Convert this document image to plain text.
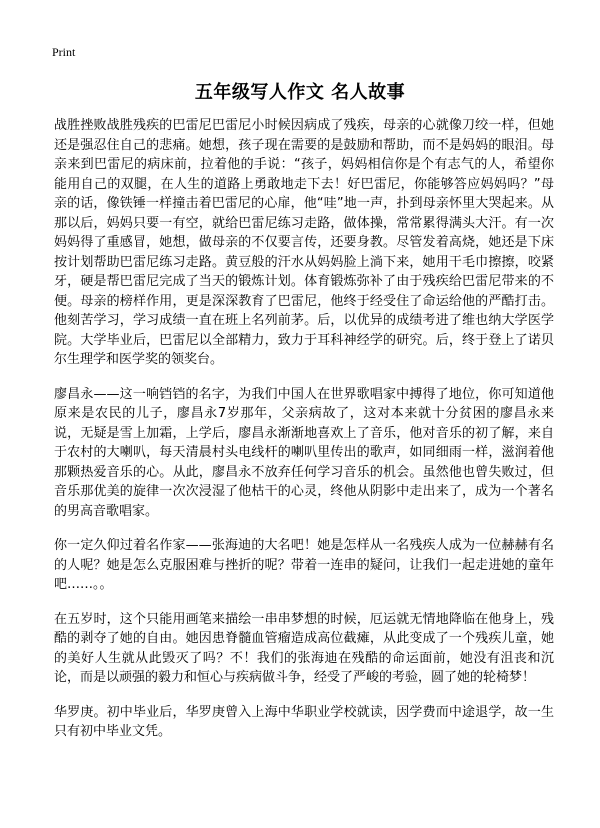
Print
五年级写人作文 名人故事

战胜挫败战胜残疾的巴雷尼巴雷尼小时候因病成了残疾，母亲的心就像刀绞一样，但她还是强忍住自己的悲痛。她想，孩子现在需要的是鼓励和帮助，而不是妈妈的眼泪。母亲来到巴雷尼的病床前，拉着他的手说：“孩子，妈妈相信你是个有志气的人，希望你能用自己的双腿，在人生的道路上勇敢地走下去！好巴雷尼，你能够答应妈妈吗？”母亲的话，像铁锤一样撞击着巴雷尼的心扉，他“哇”地一声，扑到母亲怀里大哭起来。从那以后，妈妈只要一有空，就给巴雷尼练习走路，做体操，常常累得满头大汗。有一次妈妈得了重感冒，她想，做母亲的不仅要言传，还要身教。尽管发着高烧，她还是下床按计划帮助巴雷尼练习走路。黄豆般的汗水从妈妈脸上淌下来，她用干毛巾擦擦，咬紧牙，硬是帮巴雷尼完成了当天的锻炼计划。体育锻炼弥补了由于残疾给巴雷尼带来的不便。母亲的榜样作用，更是深深教育了巴雷尼，他终于经受住了命运给他的严酷打击。他刻苦学习，学习成绩一直在班上名列前茅。后，以优异的成绩考进了维也纳大学医学院。大学毕业后，巴雷尼以全部精力，致力于耳科神经学的研究。后，终于登上了诺贝尔生理学和医学奖的领奖台。

廖昌永——这一响铛铛的名字，为我们中国人在世界歌唱家中搏得了地位，你可知道他原来是农民的儿子，廖昌永7岁那年，父亲病故了，这对本来就十分贫困的廖昌永来说，无疑是雪上加霜，上学后，廖昌永渐渐地喜欢上了音乐，他对音乐的初了解，来自于农村的大喇叭，每天清晨村头电线杆的喇叭里传出的歌声，如同细雨一样，滋润着他那颗热爱音乐的心。从此，廖昌永不放弃任何学习音乐的机会。虽然他也曾失败过，但音乐那优美的旋律一次次浸湿了他枯干的心灵，终他从阴影中走出来了，成为一个著名的男高音歌唱家。

你一定久仰过着名作家——张海迪的大名吧！她是怎样从一名残疾人成为一位赫赫有名的人呢？她是怎么克服困难与挫折的呢？带着一连串的疑问，让我们一起走进她的童年吧……。。

在五岁时，这个只能用画笔来描绘一串串梦想的时候，厄运就无情地降临在他身上，残酷的剥夺了她的自由。她因患脊髓血管瘤造成高位截瘫，从此变成了一个残疾儿童，她的美好人生就从此毁灭了吗？不！我们的张海迪在残酷的命运面前，她没有沮丧和沉论，而是以顽强的毅力和恒心与疾病做斗争，经受了严峻的考验，圆了她的轮椅梦！

华罗庚。初中毕业后，华罗庚曾入上海中华职业学校就读，因学费而中途退学，故一生只有初中毕业文凭。
